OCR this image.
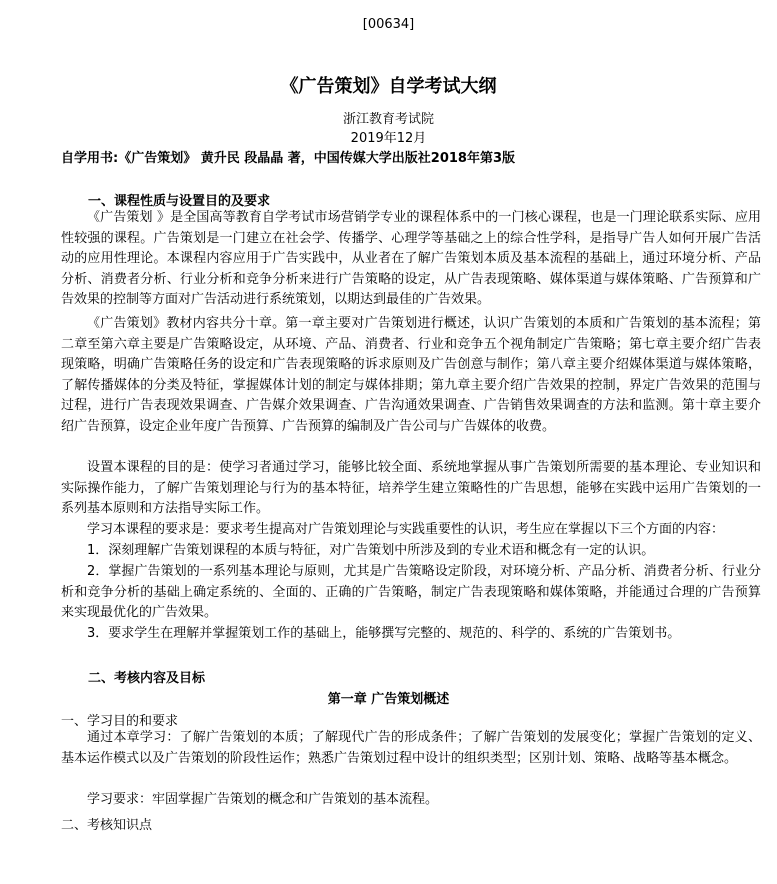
[00634]
《广告策划》自学考试大纲
浙江教育考试院
2019年12月
自学用书:《广告策划》 黄升民 段晶晶 著，中国传媒大学出版社2018年第3版
一、课程性质与设置目的及要求

《广告策划 》是全国高等教育自学考试市场营销学专业的课程体系中的一门核心课程，也是一门理论联系实际、应用性较强的课程。广告策划是一门建立在社会学、传播学、心理学等基础之上的综合性学科，是指导广告人如何开展广告活动的应用性理论。本课程内容应用于广告实践中，从业者在了解广告策划本质及基本流程的基础上，通过环境分析、产品分析、消费者分析、行业分析和竞争分析来进行广告策略的设定，从广告表现策略、媒体渠道与媒体策略、广告预算和广告效果的控制等方面对广告活动进行系统策划，以期达到最佳的广告效果。

《广告策划》教材内容共分十章。第一章主要对广告策划进行概述，认识广告策划的本质和广告策划的基本流程；第二章至第六章主要是广告策略设定，从环境、产品、消费者、行业和竞争五个视角制定广告策略；第七章主要介绍广告表现策略，明确广告策略任务的设定和广告表现策略的诉求原则及广告创意与制作；第八章主要介绍媒体渠道与媒体策略，了解传播媒体的分类及特征，掌握媒体计划的制定与媒体排期；第九章主要介绍广告效果的控制，界定广告效果的范围与过程，进行广告表现效果调查、广告媒介效果调查、广告沟通效果调查、广告销售效果调查的方法和监测。第十章主要介绍广告预算，设定企业年度广告预算、广告预算的编制及广告公司与广告媒体的收费。

设置本课程的目的是：使学习者通过学习，能够比较全面、系统地掌握从事广告策划所需要的基本理论、专业知识和实际操作能力，了解广告策划理论与行为的基本特征，培养学生建立策略性的广告思想，能够在实践中运用广告策划的一系列基本原则和方法指导实际工作。

学习本课程的要求是：要求考生提高对广告策划理论与实践重要性的认识，考生应在掌握以下三个方面的内容：

1．深刻理解广告策划课程的本质与特征，对广告策划中所涉及到的专业术语和概念有一定的认识。

2．掌握广告策划的一系列基本理论与原则，尤其是广告策略设定阶段，对环境分析、产品分析、消费者分析、行业分析和竞争分析的基础上确定系统的、全面的、正确的广告策略，制定广告表现策略和媒体策略，并能通过合理的广告预算来实现最优化的广告效果。

3．要求学生在理解并掌握策划工作的基础上，能够撰写完整的、规范的、科学的、系统的广告策划书。

二、考核内容及目标
第一章 广告策划概述
一、学习目的和要求

通过本章学习：了解广告策划的本质；了解现代广告的形成条件；了解广告策划的发展变化；掌握广告策划的定义、基本运作模式以及广告策划的阶段性运作；熟悉广告策划过程中设计的组织类型；区别计划、策略、战略等基本概念。

学习要求：牢固掌握广告策划的概念和广告策划的基本流程。

二、考核知识点
